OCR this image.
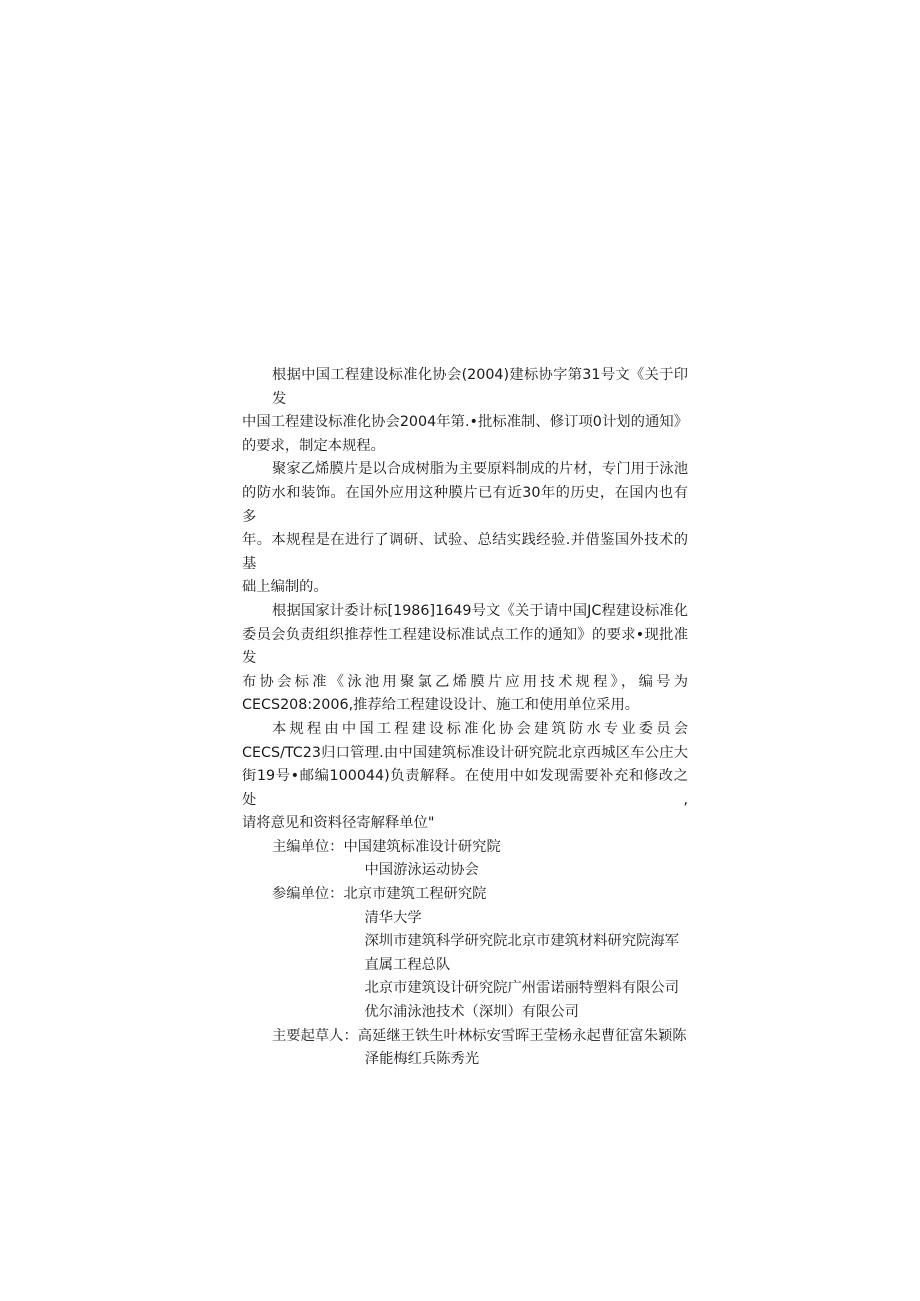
根据中国工程建设标准化协会(2004)建标协字第31号文《关于印发
中国工程建设标准化协会2004年第.•批标准制、修订项0计划的通知》
的要求，制定本规程。

聚家乙烯膜片是以合成树脂为主要原料制成的片材，专门用于泳池
的防水和装饰。在国外应用这种膜片已有近30年的历史，在国内也有多
年。本规程是在进行了调研、试验、总结实践经验.并借鉴国外技术的基
础上编制的。

根据国家计委计标[1986]1649号文《关于请中国JC程建设标准化
委员会负责组织推荐性工程建设标准试点工作的通知》的要求•现批准发
布协会标准《泳池用聚氯乙烯膜片应用技术规程》，编号为
CECS208:2006,推荐给工程建设设计、施工和使用单位采用。

本规程由中国工程建设标准化协会建筑防水专业委员会
CECS/TC23归口管理.由中国建筑标准设计研究院北京西城区车公庄大
街19号•邮编100044)负责解释。在使用中如发现需要补充和修改之处,
请将意见和资料径寄解释单位"

主编单位： 中国建筑标准设计研究院
中国游泳运动协会
参编单位： 北京市建筑工程研究院
清华大学
深圳市建筑科学研究院北京市建筑材料研究院海军
直属工程总队
北京市建筑设计研究院广州雷诺丽特塑料有限公司
优尔浦泳池技术（深圳）有限公司
主要起草人： 高延继王铁生叶林标安雪晖王莹杨永起曹征富朱颖陈
泽能梅红兵陈秀光
